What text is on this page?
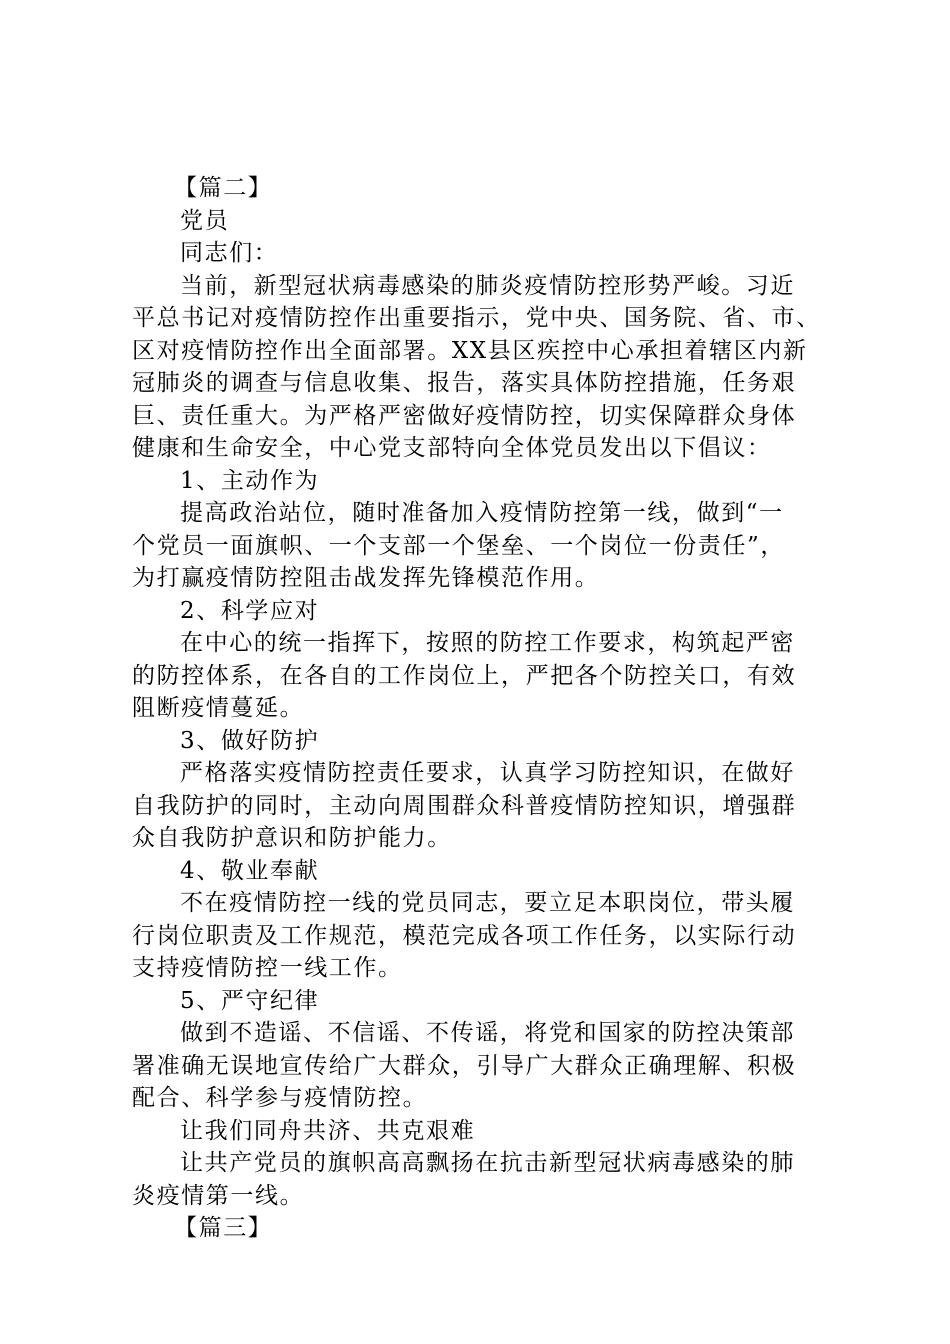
【篇二】
党员
同志们：
当前，新型冠状病毒感染的肺炎疫情防控形势严峻。习近
平总书记对疫情防控作出重要指示，党中央、国务院、省、市、
区对疫情防控作出全面部署。XX县区疾控中心承担着辖区内新
冠肺炎的调查与信息收集、报告，落实具体防控措施，任务艰
巨、责任重大。为严格严密做好疫情防控，切实保障群众身体
健康和生命安全，中心党支部特向全体党员发出以下倡议：
1、主动作为
提高政治站位，随时准备加入疫情防控第一线，做到“一
个党员一面旗帜、一个支部一个堡垒、一个岗位一份责任”，
为打赢疫情防控阻击战发挥先锋模范作用。
2、科学应对
在中心的统一指挥下，按照的防控工作要求，构筑起严密
的防控体系，在各自的工作岗位上，严把各个防控关口，有效
阻断疫情蔓延。
3、做好防护
严格落实疫情防控责任要求，认真学习防控知识，在做好
自我防护的同时，主动向周围群众科普疫情防控知识，增强群
众自我防护意识和防护能力。
4、敬业奉献
不在疫情防控一线的党员同志，要立足本职岗位，带头履
行岗位职责及工作规范，模范完成各项工作任务，以实际行动
支持疫情防控一线工作。
5、严守纪律
做到不造谣、不信谣、不传谣，将党和国家的防控决策部
署准确无误地宣传给广大群众，引导广大群众正确理解、积极
配合、科学参与疫情防控。
让我们同舟共济、共克艰难
让共产党员的旗帜高高飘扬在抗击新型冠状病毒感染的肺
炎疫情第一线。
【篇三】
